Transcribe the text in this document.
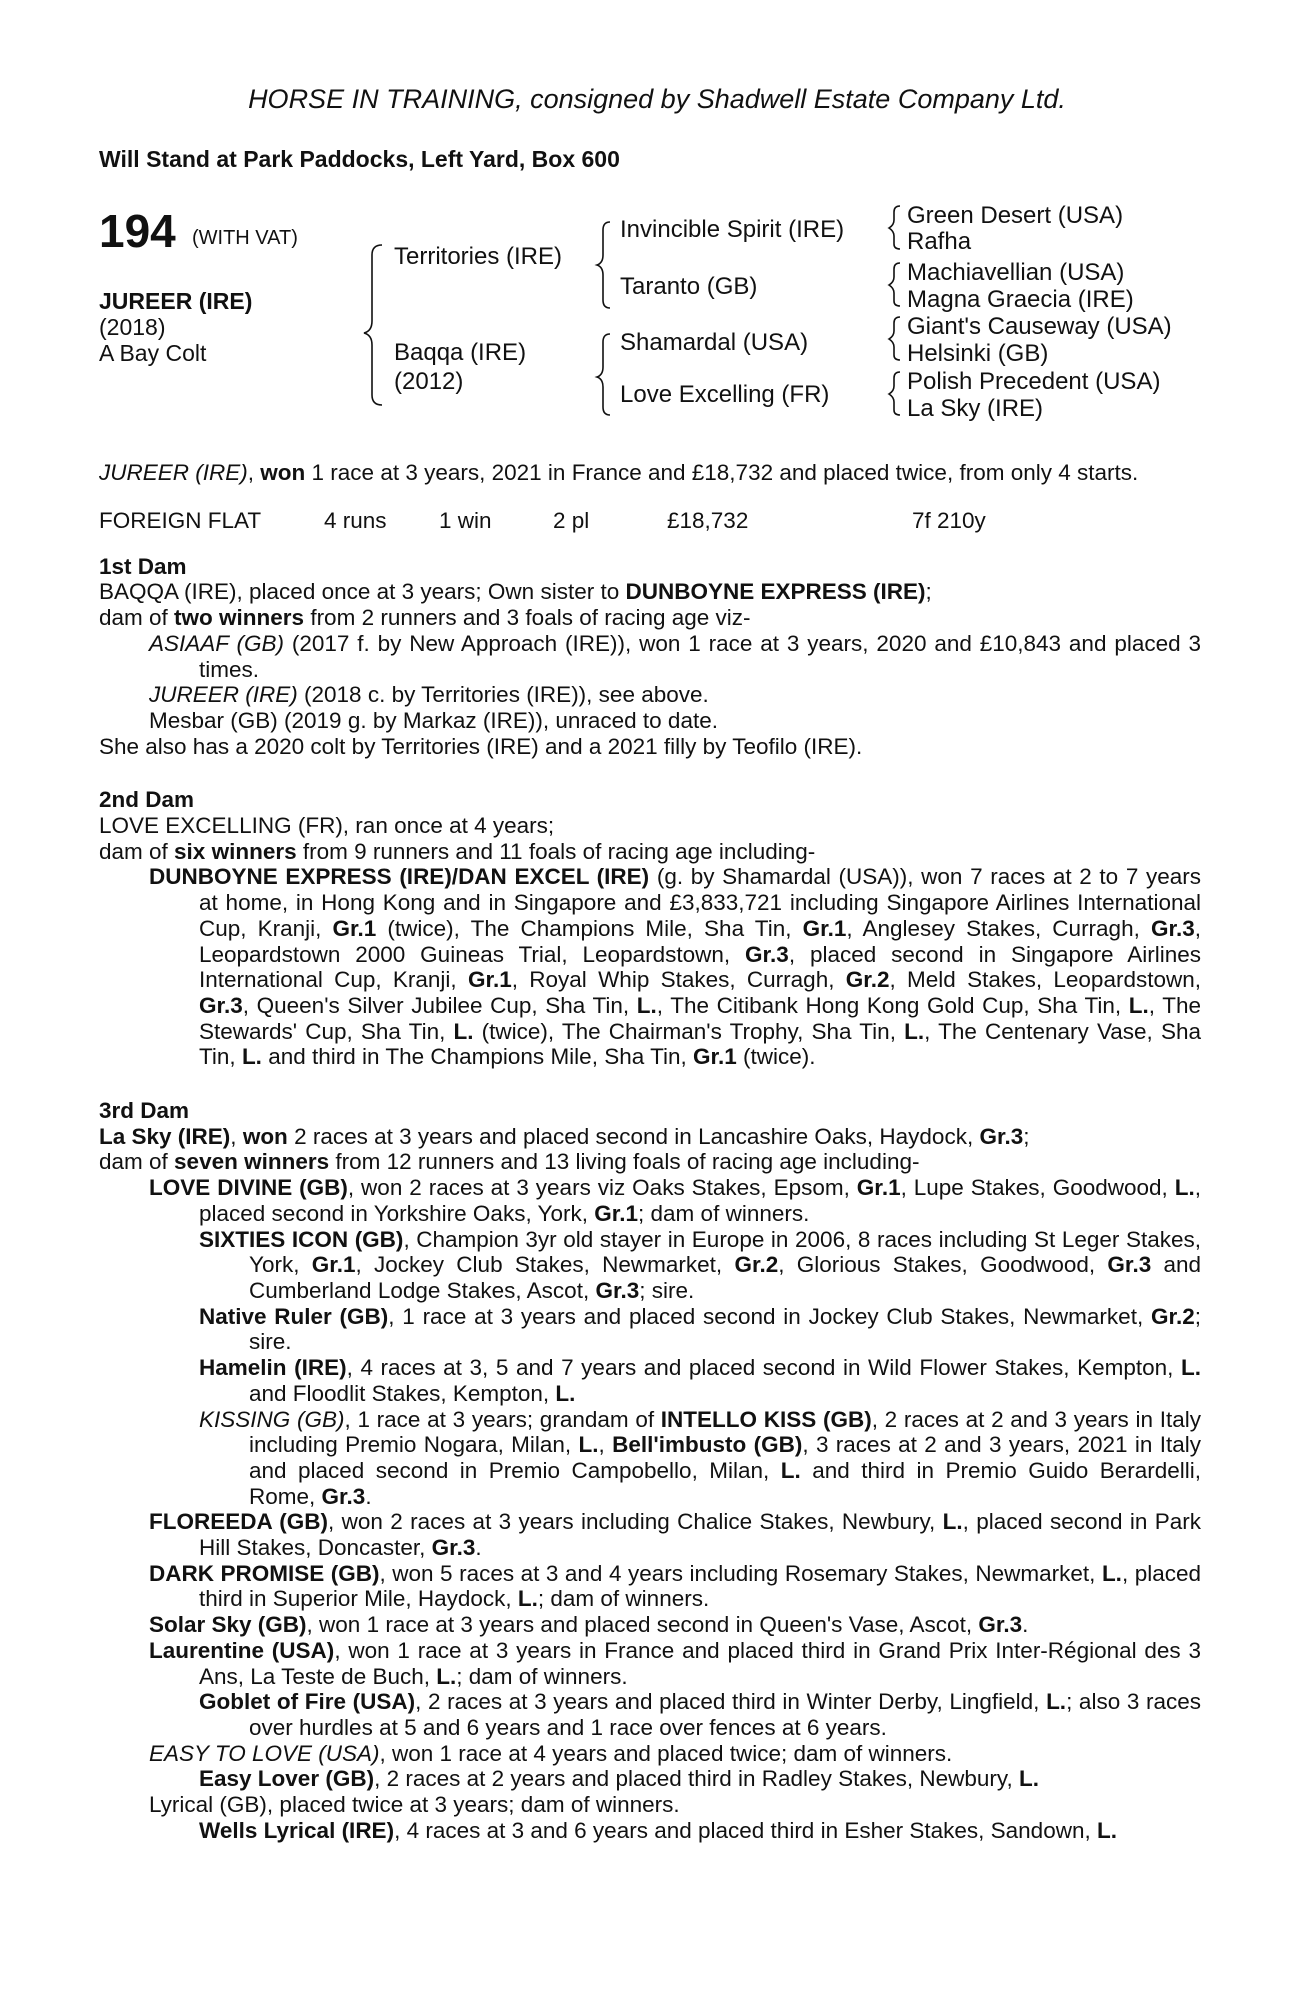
HORSE IN TRAINING, consigned by Shadwell Estate Company Ltd.
Will Stand at Park Paddocks, Left Yard, Box 600
194 (WITH VAT)
JUREER (IRE)
(2018)
A Bay Colt
Territories (IRE)
Baqqa (IRE)
(2012)
Invincible Spirit (IRE)
Taranto (GB)
Shamardal (USA)
Love Excelling (FR)
Green Desert (USA)
Rafha
Machiavellian (USA)
Magna Graecia (IRE)
Giant's Causeway (USA)
Helsinki (GB)
Polish Precedent (USA)
La Sky (IRE)
JUREER (IRE), won 1 race at 3 years, 2021 in France and £18,732 and placed twice, from only 4 starts.
FOREIGN FLAT	4 runs 1 win	2 pl	£18,732	7f 210y
1st Dam
BAQQA (IRE), placed once at 3 years; Own sister to DUNBOYNE EXPRESS (IRE);
dam of two winners from 2 runners and 3 foals of racing age viz-
ASIAAF (GB) (2017 f. by New Approach (IRE)), won 1 race at 3 years, 2020 and £10,843 and placed 3 times.
JUREER (IRE) (2018 c. by Territories (IRE)), see above.
Mesbar (GB) (2019 g. by Markaz (IRE)), unraced to date.
She also has a 2020 colt by Territories (IRE) and a 2021 filly by Teofilo (IRE).
2nd Dam
LOVE EXCELLING (FR), ran once at 4 years;
dam of six winners from 9 runners and 11 foals of racing age including-
DUNBOYNE EXPRESS (IRE)/DAN EXCEL (IRE) (g. by Shamardal (USA)), won 7 races at 2 to 7 years at home, in Hong Kong and in Singapore and £3,833,721 including Singapore Airlines International Cup, Kranji, Gr.1 (twice), The Champions Mile, Sha Tin, Gr.1, Anglesey Stakes, Curragh, Gr.3, Leopardstown 2000 Guineas Trial, Leopardstown, Gr.3, placed second in Singapore Airlines International Cup, Kranji, Gr.1, Royal Whip Stakes, Curragh, Gr.2, Meld Stakes, Leopardstown, Gr.3, Queen's Silver Jubilee Cup, Sha Tin, L., The Citibank Hong Kong Gold Cup, Sha Tin, L., The Stewards' Cup, Sha Tin, L. (twice), The Chairman's Trophy, Sha Tin, L., The Centenary Vase, Sha Tin, L. and third in The Champions Mile, Sha Tin, Gr.1 (twice).
3rd Dam
La Sky (IRE), won 2 races at 3 years and placed second in Lancashire Oaks, Haydock, Gr.3;
dam of seven winners from 12 runners and 13 living foals of racing age including-
LOVE DIVINE (GB), won 2 races at 3 years viz Oaks Stakes, Epsom, Gr.1, Lupe Stakes, Goodwood, L., placed second in Yorkshire Oaks, York, Gr.1; dam of winners.
SIXTIES ICON (GB), Champion 3yr old stayer in Europe in 2006, 8 races including St Leger Stakes, York, Gr.1, Jockey Club Stakes, Newmarket, Gr.2, Glorious Stakes, Goodwood, Gr.3 and Cumberland Lodge Stakes, Ascot, Gr.3; sire.
Native Ruler (GB), 1 race at 3 years and placed second in Jockey Club Stakes, Newmarket, Gr.2; sire.
Hamelin (IRE), 4 races at 3, 5 and 7 years and placed second in Wild Flower Stakes, Kempton, L. and Floodlit Stakes, Kempton, L.
KISSING (GB), 1 race at 3 years; grandam of INTELLO KISS (GB), 2 races at 2 and 3 years in Italy including Premio Nogara, Milan, L., Bell'imbusto (GB), 3 races at 2 and 3 years, 2021 in Italy and placed second in Premio Campobello, Milan, L. and third in Premio Guido Berardelli, Rome, Gr.3.
FLOREEDA (GB), won 2 races at 3 years including Chalice Stakes, Newbury, L., placed second in Park Hill Stakes, Doncaster, Gr.3.
DARK PROMISE (GB), won 5 races at 3 and 4 years including Rosemary Stakes, Newmarket, L., placed third in Superior Mile, Haydock, L.; dam of winners.
Solar Sky (GB), won 1 race at 3 years and placed second in Queen's Vase, Ascot, Gr.3.
Laurentine (USA), won 1 race at 3 years in France and placed third in Grand Prix Inter-Régional des 3 Ans, La Teste de Buch, L.; dam of winners.
Goblet of Fire (USA), 2 races at 3 years and placed third in Winter Derby, Lingfield, L.; also 3 races over hurdles at 5 and 6 years and 1 race over fences at 6 years.
EASY TO LOVE (USA), won 1 race at 4 years and placed twice; dam of winners.
Easy Lover (GB), 2 races at 2 years and placed third in Radley Stakes, Newbury, L.
Lyrical (GB), placed twice at 3 years; dam of winners.
Wells Lyrical (IRE), 4 races at 3 and 6 years and placed third in Esher Stakes, Sandown, L.
